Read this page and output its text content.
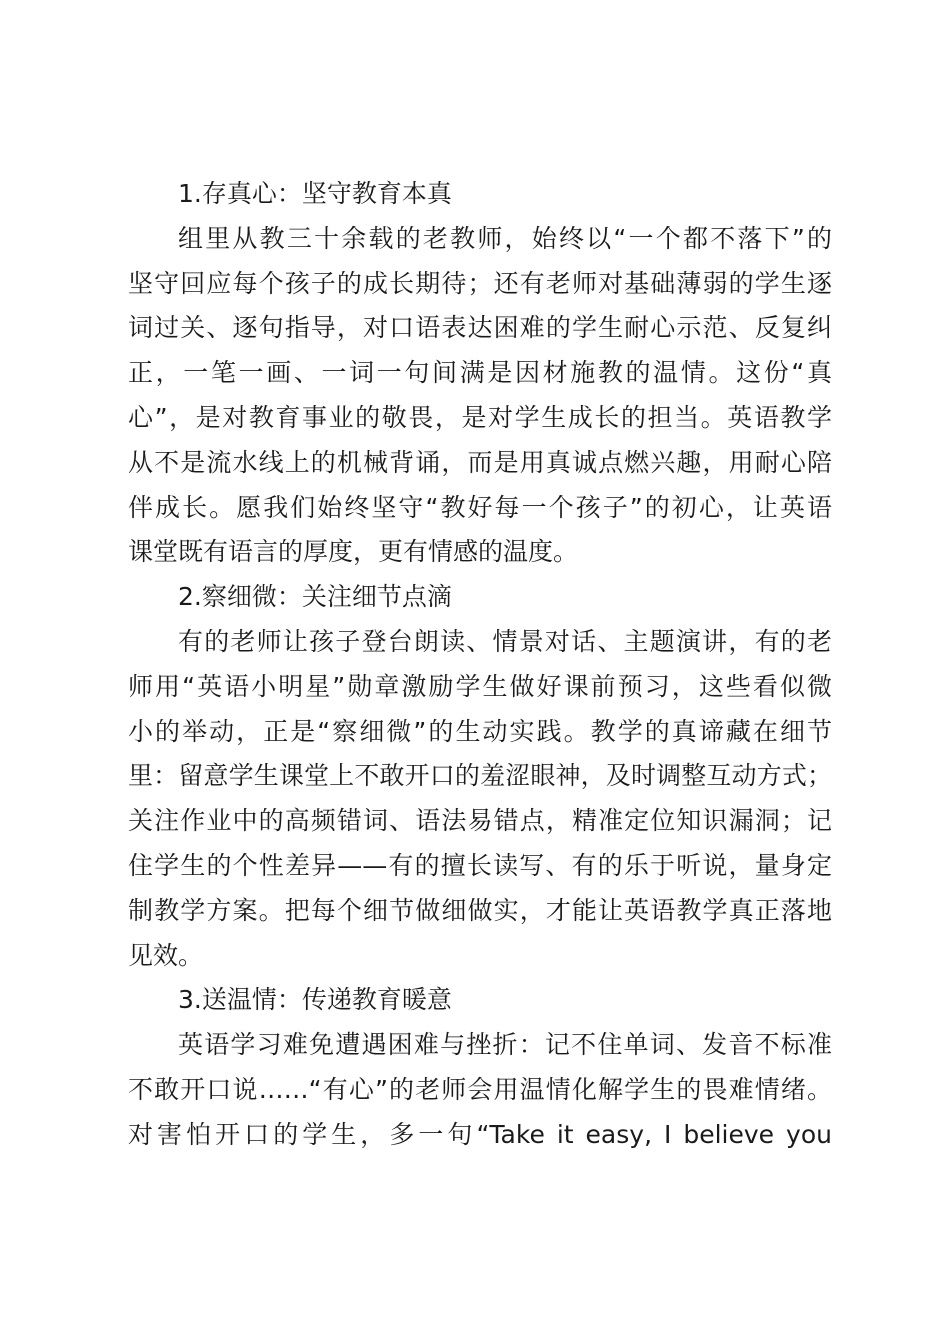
1.存真心：坚守教育本真
组里从教三十余载的老教师，始终以“一个都不落下”的
坚守回应每个孩子的成长期待；还有老师对基础薄弱的学生逐
词过关、逐句指导，对口语表达困难的学生耐心示范、反复纠
正，一笔一画、一词一句间满是因材施教的温情。这份“真
心”，是对教育事业的敬畏，是对学生成长的担当。英语教学
从不是流水线上的机械背诵，而是用真诚点燃兴趣，用耐心陪
伴成长。愿我们始终坚守“教好每一个孩子”的初心，让英语
课堂既有语言的厚度，更有情感的温度。
2.察细微：关注细节点滴
有的老师让孩子登台朗读、情景对话、主题演讲，有的老
师用“英语小明星”勋章激励学生做好课前预习，这些看似微
小的举动，正是“察细微”的生动实践。教学的真谛藏在细节
里：留意学生课堂上不敢开口的羞涩眼神，及时调整互动方式；
关注作业中的高频错词、语法易错点，精准定位知识漏洞；记
住学生的个性差异——有的擅长读写、有的乐于听说，量身定
制教学方案。把每个细节做细做实，才能让英语教学真正落地
见效。
3.送温情：传递教育暖意
英语学习难免遭遇困难与挫折：记不住单词、发音不标准
不敢开口说……“有心”的老师会用温情化解学生的畏难情绪。
对害怕开口的学生，多一句“Take it easy, I believe you
